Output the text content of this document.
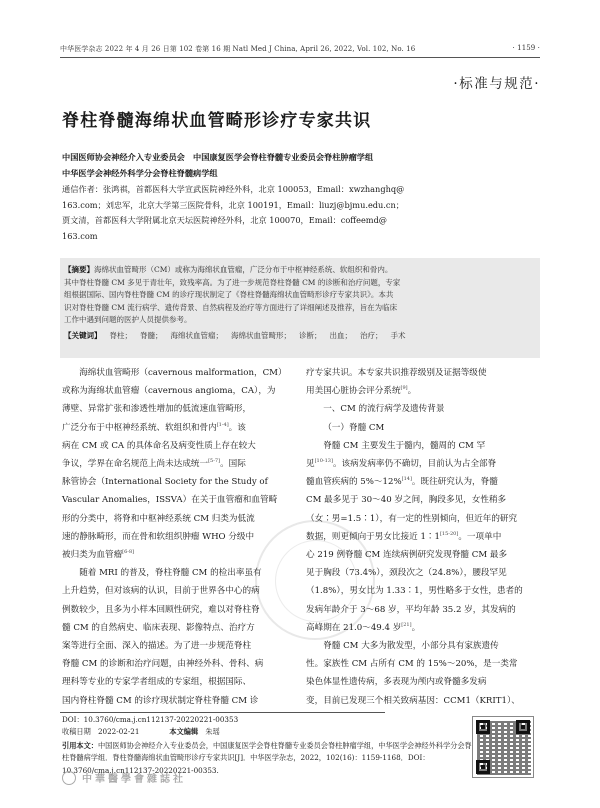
中华医学杂志 2022 年 4 月 26 日第 102 卷第 16 期 Natl Med J China, April 26, 2022, Vol. 102, No. 16	· 1159 ·
·标准与规范·
脊柱脊髓海绵状血管畸形诊疗专家共识
中国医师协会神经介入专业委员会　中国康复医学会脊柱脊髓专业委员会脊柱肿瘤学组
中华医学会神经外科学分会脊柱脊髓病学组
通信作者：张鸿祺，首都医科大学宣武医院神经外科，北京 100053，Email：xwzhanghq@
163.com；刘忠军，北京大学第三医院骨科，北京 100191，Email：liuzj@bjmu.edu.cn；
贾文清，首都医科大学附属北京天坛医院神经外科，北京 100070，Email：coffeemd@
163.com
【摘要】海绵状血管畸形（CM）或称为海绵状血管瘤，广泛分布于中枢神经系统、软组织和骨内。
其中脊柱脊髓 CM 多见于青壮年，致残率高。为了进一步规范脊柱脊髓 CM 的诊断和治疗问题，专家
组根据国际、国内脊柱脊髓 CM 的诊疗现状制定了《脊柱脊髓海绵状血管畸形诊疗专家共识》。本共
识对脊柱脊髓 CM 流行病学、遗传背景、自然病程及治疗等方面进行了详细阐述及推荐，旨在为临床
工作中遇到问题的医护人员提供参考。
【关键词】 脊柱； 脊髓； 海绵状血管瘤； 海绵状血管畸形； 诊断； 出血； 治疗； 手术
海绵状血管畸形（cavernous malformation，CM）
或称为海绵状血管瘤（cavernous angioma，CA），为
薄壁、异常扩张和渗透性增加的低流速血管畸形，
广泛分布于中枢神经系统、软组织和骨内[1-4]。该
病在 CM 或 CA 的具体命名及病变性质上存在较大
争议，学界在命名规范上尚未达成统一[5-7]。国际
脉管协会（International Society for the Study of
Vascular Anomalies，ISSVA）在关于血管瘤和血管畸
形的分类中，将脊和中枢神经系统 CM 归类为低流
速的静脉畸形，而在骨和软组织肿瘤 WHO 分级中
被归类为血管瘤[6-8]
随着 MRI 的普及，脊柱脊髓 CM 的检出率虽有
上升趋势，但对该病的认识，目前于世界各中心的病
例数较少，且多为小样本回顾性研究，难以对脊柱脊
髓 CM 的自然病史、临床表现、影像特点、治疗方
案等进行全面、深入的描述。为了进一步规范脊柱
脊髓 CM 的诊断和治疗问题，由神经外科、骨科、病
理科等专业的专家学者组成的专家组，根据国际、
国内脊柱脊髓 CM 的诊疗现状制定脊柱脊髓 CM 诊
疗专家共识。本专家共识推荐级别及证据等级使
用美国心脏协会评分系统[9]。
一、CM 的流行病学及遗传背景
（一）脊髓 CM
脊髓 CM 主要发生于髓内，髓周的 CM 罕
见[10-13]。该病发病率仍不确切，目前认为占全部脊
髓血管疾病的 5%～12%[14]。既往研究认为，脊髓
CM 最多见于 30～40 岁之间，胸段多见，女性稍多
（女∶男=1.5∶1），有一定的性别倾向，但近年的研究
数据，则更倾向于男女比接近 1∶1[15-20]。一项单中
心 219 例脊髓 CM 连续病例研究发现脊髓 CM 最多
见于胸段（73.4%），颈段次之（24.8%），腰段罕见
（1.8%），男女比为 1.33∶1，男性略多于女性，患者的
发病年龄介于 3～68 岁，平均年龄 35.2 岁，其发病的
高峰期在 21.0～49.4 岁[21]。
脊髓 CM 大多为散发型，小部分具有家族遗传
性。家族性 CM 占所有 CM 的 15%～20%，是一类常
染色体显性遗传病，多表现为颅内或脊髓多发病
变，目前已发现三个相关致病基因：CCM1（KRIT1）、
DOI：10.3760/cma.j.cn112137-20220221-00353
收稿日期　 2022-02-21	本文编辑　 朱瑶
引用本文：中国医师协会神经介入专业委员会，中国康复医学会脊柱脊髓专业委员会脊柱肿瘤学组，中华医学会神经外科学分会脊柱脊髓病学组．脊柱脊髓海绵状血管畸形诊疗专家共识[J]．中华医学杂志，2022，102(16)：1159-1168．DOI：10.3760/cma.j.cn112137-20220221-00353.
中華醫學會雜誌社
